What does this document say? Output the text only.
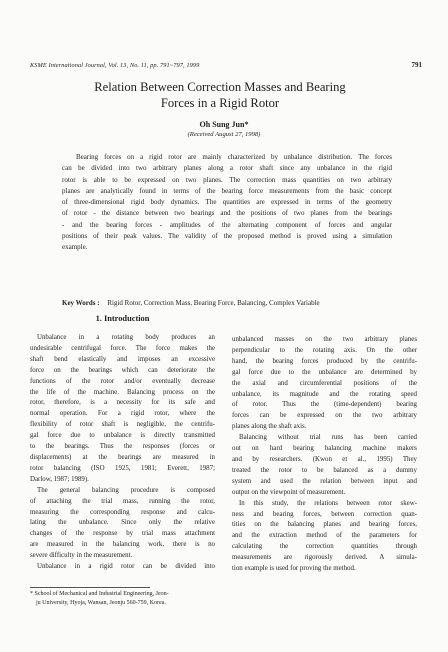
KSME International Journal, Vol. 13, No. 11, pp. 791~797, 1999	791
Relation Between Correction Masses and Bearing
Forces in a Rigid Rotor
Oh Sung Jun*
(Received August 27, 1998)
Bearing forces on a rigid rotor are mainly characterized by unbalance distribution. The forces
can be divided into two arbitrary planes along a rotor shaft since any unbalance in the rigid
rotor is able to be expressed on two planes. The correction mass quantities on two arbitrary
planes are analytically found in terms of the bearing force measurements from the basic concept
of three-dimensional rigid body dynamics. The quantities are expressed in terms of the geometry
of rotor - the distance between two bearings and the positions of two planes from the bearings
- and the bearing forces - amplitudes of the alternating component of forces and angular
positions of their peak values. The validity of the proposed method is proved using a simulation
example.
Key Words : Rigid Rotor, Correction Mass, Bearing Force, Balancing, Complex Variable
1. Introduction
Unbalance in a rotating body produces an
undesirable centrifugal force. The force makes the
shaft bend elastically and imposes an excessive
force on the bearings which can deteriorate the
functions of the rotor and/or eventually decrease
the life of the machine. Balancing process on the
rotor, therefore, is a necessity for its safe and
normal operation. For a rigid rotor, where the
flexibility of rotor shaft is negligible, the centrifu-
gal force due to unbalance is directly transmitted
to the bearings. Thus the responses (forces or
displacements) at the bearings are measured in
rotor balancing (ISO 1925, 1981; Everett, 1987;
Darlow, 1987; 1989).
The general balancing procedure is composed
of attaching the trial mass, running the rotor,
measuring the corresponding response and calcu-
lating the unbalance. Since only the relative
changes of the response by trial mass attachment
are measured in the balancing work, there is no
severe difficulty in the measurement.
Unbalance in a rigid rotor can be divided into
unbalanced masses on the two arbitrary planes
perpendicular to the rotating axis. On the other
hand, the bearing forces produced by the centrifu-
gal force due to the unbalance are determined by
the axial and circumferential positions of the
unbalance, its magnitude and the rotating speed
of rotor. Thus the (time-dependent) bearing
forces can be expressed on the two arbitrary
planes along the shaft axis.
Balancing without trial runs has been carried
out on hard bearing balancing machine makers
and by researchers. (Kwon et al., 1995) They
treated the rotor to be balanced as a dummy
system and used the relation between input and
output on the viewpoint of measurement.
In this study, the relations between rotor skew-
ness and bearing forces, between correction quan-
tities on the balancing planes and bearing forces,
and the extraction method of the parameters for
calculating the correction quantities through
measurements are rigorously derived. A simula-
tion example is used for proving the method.
* School of Mechanical and Industrial Engineering, Jeon-
ju University, Hyoja, Wansan, Jeonju 560-759, Korea.
